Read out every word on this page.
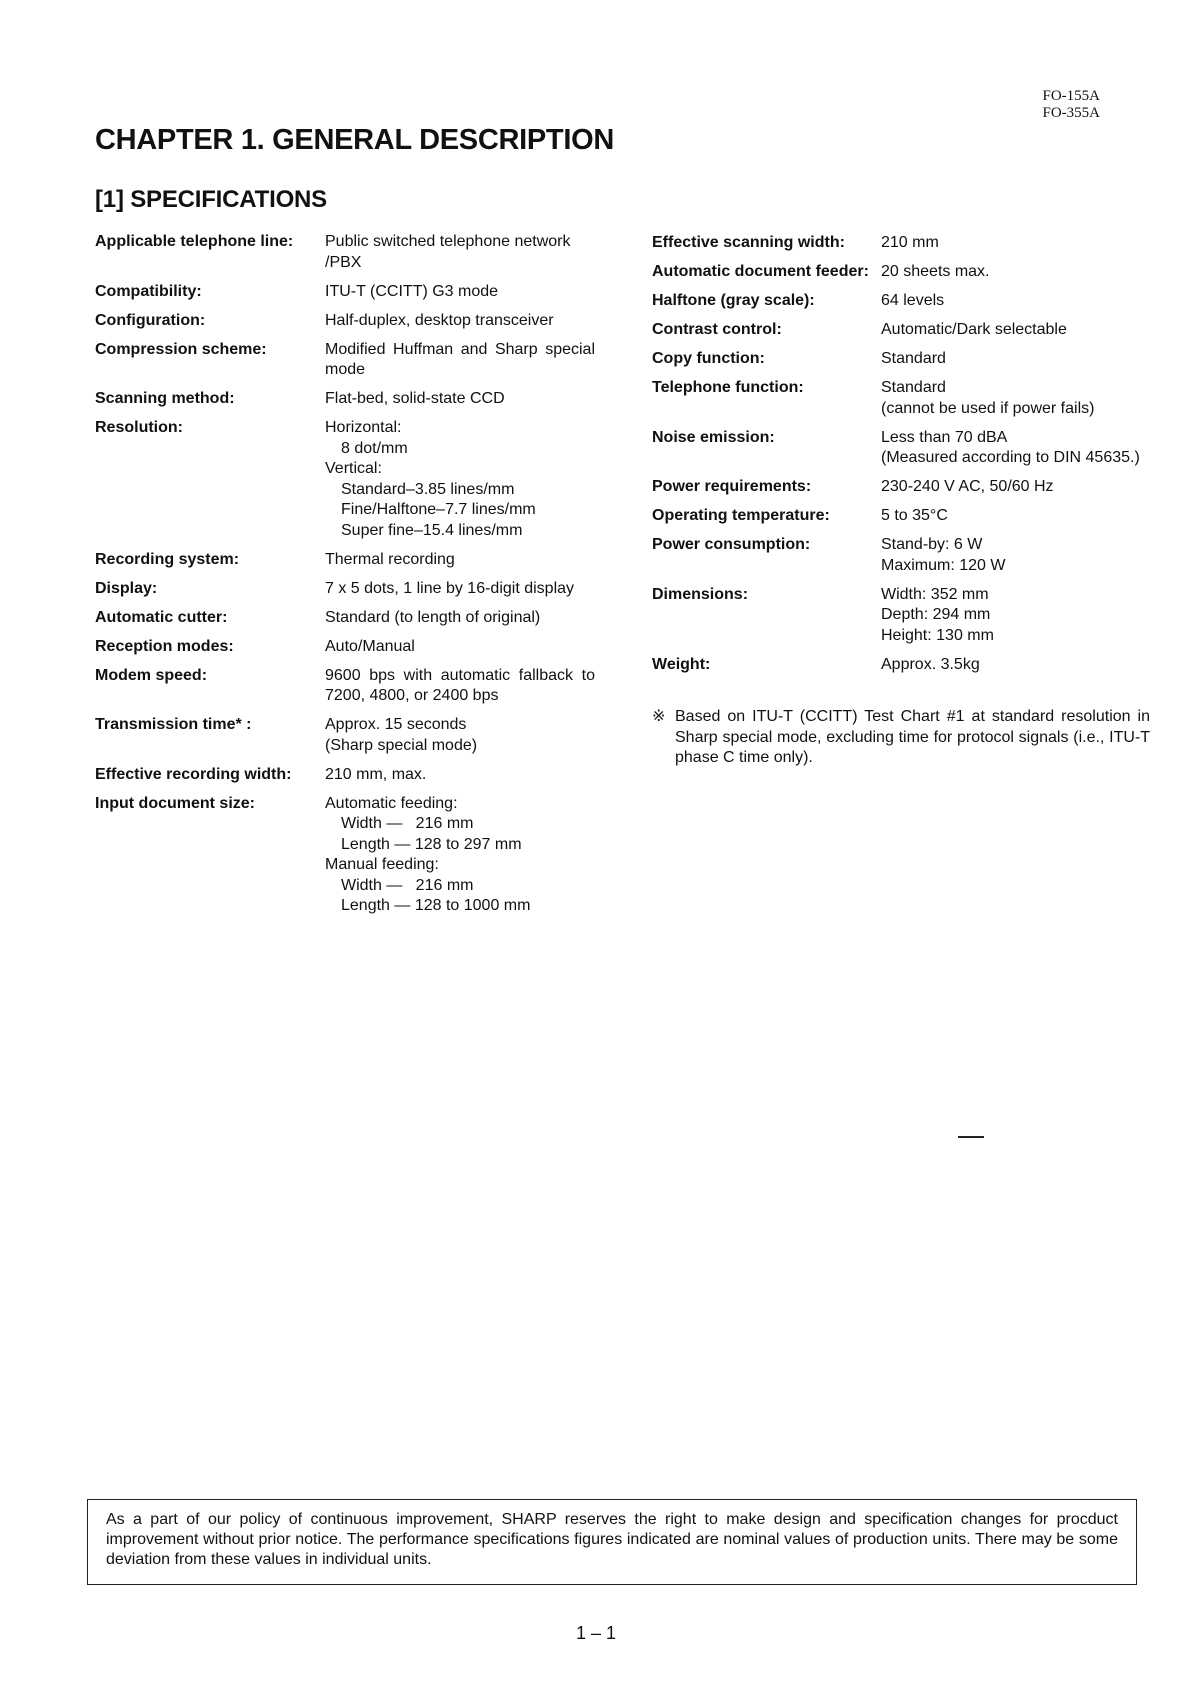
FO-155A
FO-355A
CHAPTER 1. GENERAL DESCRIPTION
[1] SPECIFICATIONS
Applicable telephone line:	Public switched telephone network
/PBX
Compatibility:	ITU-T (CCITT) G3 mode
Configuration:	Half-duplex, desktop transceiver
Compression scheme:	Modified Huffman and Sharp special mode
Scanning method:	Flat-bed, solid-state CCD
Resolution:	Horizontal:
8 dot/mm
Vertical:
Standard–3.85 lines/mm
Fine/Halftone–7.7 lines/mm
Super fine–15.4 lines/mm
Recording system:	Thermal recording
Display:	7 x 5 dots, 1 line by 16-digit display
Automatic cutter:	Standard (to length of original)
Reception modes:	Auto/Manual
Modem speed:	9600 bps with automatic fallback to 7200, 4800, or 2400 bps
Transmission time* :	Approx. 15 seconds
(Sharp special mode)
Effective recording width:	210 mm, max.
Input document size:	Automatic feeding:
Width —   216 mm
Length — 128 to 297 mm
Manual feeding:
Width —   216 mm
Length — 128 to 1000 mm
Effective scanning width:	210 mm
Automatic document feeder: 20 sheets max.
Halftone (gray scale):	64 levels
Contrast control:	Automatic/Dark selectable
Copy function:	Standard
Telephone function:	Standard
(cannot be used if power fails)
Noise emission:	Less than 70 dBA
(Measured according to DIN 45635.)
Power requirements:	230-240 V AC, 50/60 Hz
Operating temperature:	5 to 35°C
Power consumption:	Stand-by: 6 W
Maximum: 120 W
Dimensions:	Width: 352 mm
Depth: 294 mm
Height: 130 mm
Weight:	Approx. 3.5kg
※ Based on ITU-T (CCITT) Test Chart #1 at standard resolution in Sharp special mode, excluding time for protocol signals (i.e., ITU-T phase C time only).
As a part of our policy of continuous improvement, SHARP reserves the right to make design and specification changes for procduct improvement without prior notice. The performance specifications figures indicated are nominal values of production units. There may be some deviation from these values in individual units.
1 – 1
